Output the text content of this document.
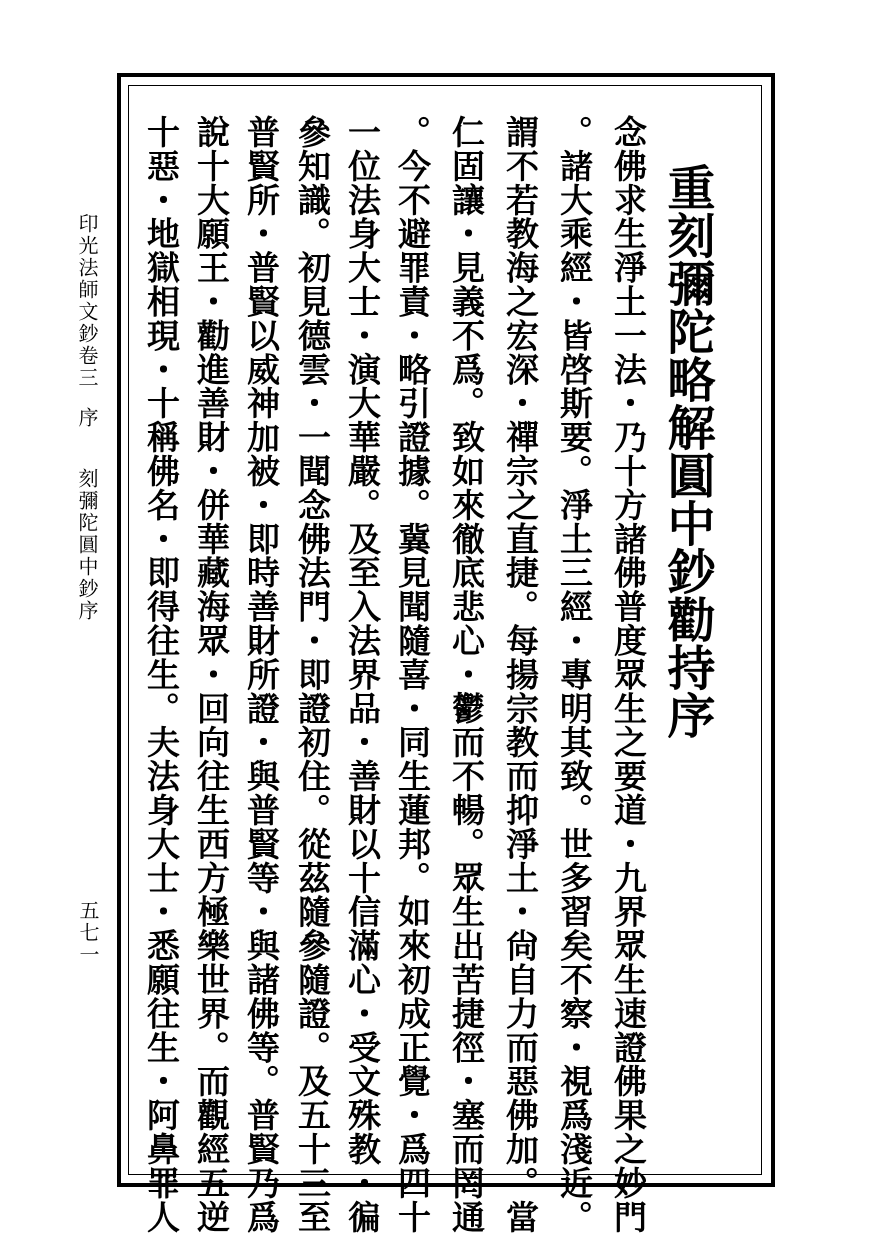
重刻彌陀略解圓中鈔勸持序
念佛求生淨土一法・乃十方諸佛普度眾生之要道・九界眾生速證佛果之妙門
。諸大乘經・皆啓斯要。淨土三經・專明其致。世多習矣不察・視爲淺近。
謂不若教海之宏深・禪宗之直捷。每揚宗教而抑淨土・尙自力而惡佛加。當
仁固讓・見義不爲。致如來徹底悲心・鬱而不暢。眾生出苦捷徑・塞而罔通
。今不避罪責・略引證據。冀見聞隨喜・同生蓮邦。如來初成正覺・爲四十
一位法身大士・演大華嚴。及至入法界品・善財以十信滿心・受文殊教・徧
參知識。初見德雲・一聞念佛法門・即證初住。從茲隨參隨證。及五十三至
普賢所・普賢以威神加被・即時善財所證・與普賢等・與諸佛等。普賢乃爲
說十大願王・勸進善財・併華藏海眾・回向往生西方極樂世界。而觀經五逆
十惡・地獄相現・十稱佛名・即得往生。夫法身大士・悉願往生・阿鼻罪人
印光法師文鈔卷三
序
刻彌陀圓中鈔序
五七一
